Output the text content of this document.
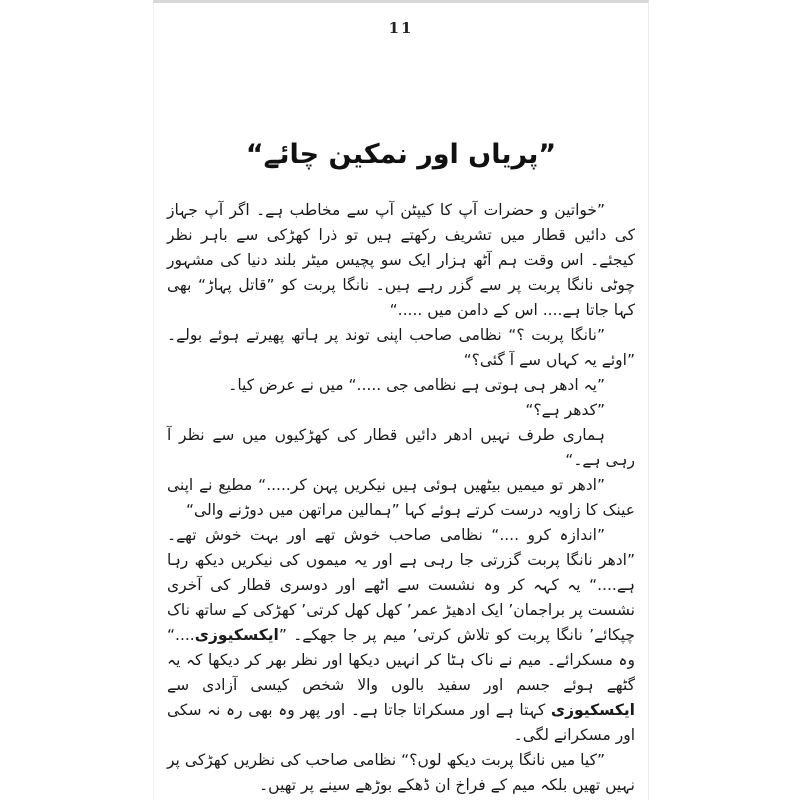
11
”پریاں اور نمکین چائے“

”خواتین و حضرات آپ کا کیپٹن آپ سے مخاطب ہے۔ اگر آپ جہاز کی دائیں قطار میں تشریف رکھتے ہیں تو ذرا کھڑکی سے باہر نظر کیجئے۔ اس وقت ہم آٹھ ہزار ایک سو پچیس میٹر بلند دنیا کی مشہور چوٹی نانگا پربت پر سے گزر رہے ہیں۔ نانگا پربت کو ”قاتل پہاڑ“ بھی کہا جاتا ہے.... اس کے دامن میں .....“

”نانگا پربت ؟“ نظامی صاحب اپنی توند پر ہاتھ پھیرتے ہوئے بولے۔ ”اوئے یہ کہاں سے آ گئی؟“

”یہ ادھر ہی ہوتی ہے نظامی جی .....“ میں نے عرض کیا۔

”کدھر ہے؟“

ہماری طرف نہیں ادھر دائیں قطار کی کھڑکیوں میں سے نظر آ رہی ہے۔“

”ادھر تو میمیں بیٹھیں ہوئی ہیں نیکریں پہن کر.....“ مطیع نے اپنی عینک کا زاویہ درست کرتے ہوئے کہا ”ہمالین مراتھن میں دوڑنے والی“

”اندازہ کرو ....“ نظامی صاحب خوش تھے اور بہت خوش تھے۔ ”ادھر نانگا پربت گزرتی جا رہی ہے اور یہ میموں کی نیکریں دیکھ رہا ہے....“ یہ کہہ کر وہ نشست سے اٹھے اور دوسری قطار کی آخری نشست پر براجمان’ ایک ادھیڑ عمر’ کھل کھل کرتی’ کھڑکی کے ساتھ ناک چپکائے’ نانگا پربت کو تلاش کرتی’ میم پر جا جھکے۔ ”ایکسکیوزی....“ وہ مسکرائے۔ میم نے ناک ہٹا کر انہیں دیکھا اور نظر بھر کر دیکھا کہ یہ گٹھے ہوئے جسم اور سفید بالوں والا شخص کیسی آزادی سے ایکسکیوزی کہتا ہے اور مسکراتا جاتا ہے۔ اور پھر وہ بھی رہ نہ سکی اور مسکرانے لگی۔

”کیا میں نانگا پربت دیکھ لوں؟“ نظامی صاحب کی نظریں کھڑکی پر نہیں تھیں بلکہ میم کے فراخ ان ڈھکے بوڑھے سینے پر تھیں۔
